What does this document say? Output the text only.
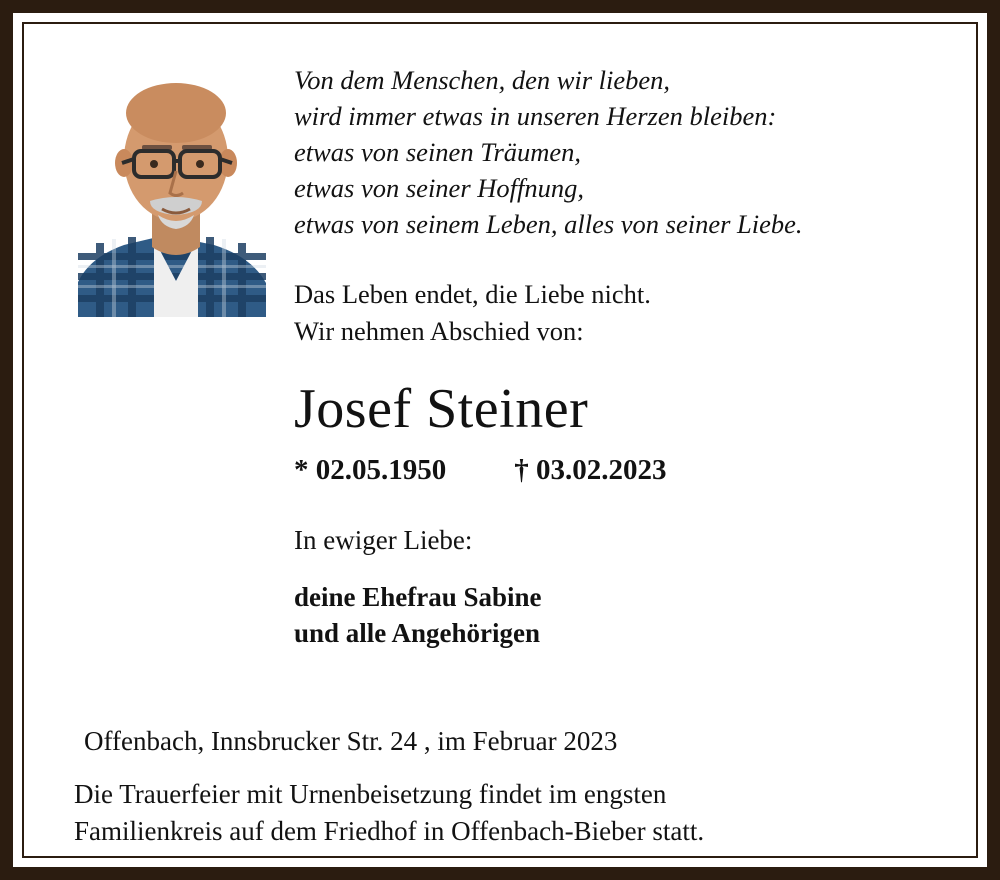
Von dem Menschen, den wir lieben,
wird immer etwas in unseren Herzen bleiben:
etwas von seinen Träumen,
etwas von seiner Hoffnung,
etwas von seinem Leben, alles von seiner Liebe.
Das Leben endet, die Liebe nicht.
Wir nehmen Abschied von:
Josef Steiner
* 02.05.1950 † 03.02.2023
In ewiger Liebe:
deine Ehefrau Sabine
und alle Angehörigen
Offenbach, Innsbrucker Str. 24 , im Februar 2023
Die Trauerfeier mit Urnenbeisetzung findet im engsten
Familienkreis auf dem Friedhof in Offenbach-Bieber statt.
